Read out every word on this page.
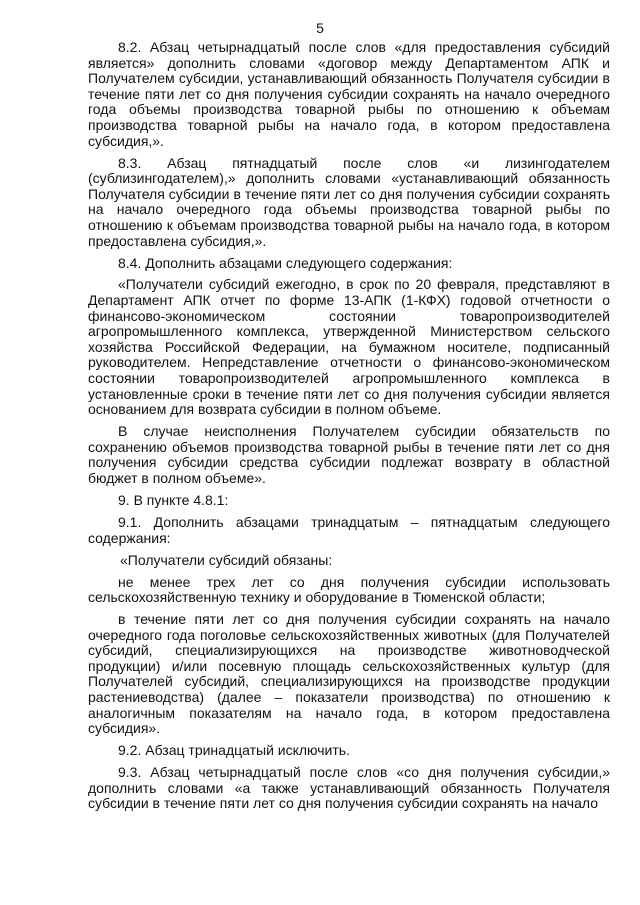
5

8.2. Абзац четырнадцатый после слов «для предоставления субсидий является» дополнить словами «договор между Департаментом АПК и Получателем субсидии, устанавливающий обязанность Получателя субсидии в течение пяти лет со дня получения субсидии сохранять на начало очередного года объемы производства товарной рыбы по отношению к объемам производства товарной рыбы на начало года, в котором предоставлена субсидия,».

8.3. Абзац пятнадцатый после слов «и лизингодателем (сублизингодателем),» дополнить словами «устанавливающий обязанность Получателя субсидии в течение пяти лет со дня получения субсидии сохранять на начало очередного года объемы производства товарной рыбы по отношению к объемам производства товарной рыбы на начало года, в котором предоставлена субсидия,».

8.4. Дополнить абзацами следующего содержания:

«Получатели субсидий ежегодно, в срок по 20 февраля, представляют в Департамент АПК отчет по форме 13-АПК (1-КФХ) годовой отчетности о финансово-экономическом состоянии товаропроизводителей агропромышленного комплекса, утвержденной Министерством сельского хозяйства Российской Федерации, на бумажном носителе, подписанный руководителем. Непредставление отчетности о финансово-экономическом состоянии товаропроизводителей агропромышленного комплекса в установленные сроки в течение пяти лет со дня получения субсидии является основанием для возврата субсидии в полном объеме.

В случае неисполнения Получателем субсидии обязательств по сохранению объемов производства товарной рыбы в течение пяти лет со дня получения субсидии средства субсидии подлежат возврату в областной бюджет в полном объеме».

9. В пункте 4.8.1:

9.1. Дополнить абзацами тринадцатым – пятнадцатым следующего содержания:

«Получатели субсидий обязаны:

не менее трех лет со дня получения субсидии использовать сельскохозяйственную технику и оборудование в Тюменской области;

в течение пяти лет со дня получения субсидии сохранять на начало очередного года поголовье сельскохозяйственных животных (для Получателей субсидий, специализирующихся на производстве животноводческой продукции) и/или посевную площадь сельскохозяйственных культур (для Получателей субсидий, специализирующихся на производстве продукции растениеводства) (далее – показатели производства) по отношению к аналогичным показателям на начало года, в котором предоставлена субсидия».

9.2. Абзац тринадцатый исключить.

9.3. Абзац четырнадцатый после слов «со дня получения субсидии,» дополнить словами «а также устанавливающий обязанность Получателя субсидии в течение пяти лет со дня получения субсидии сохранять на начало
